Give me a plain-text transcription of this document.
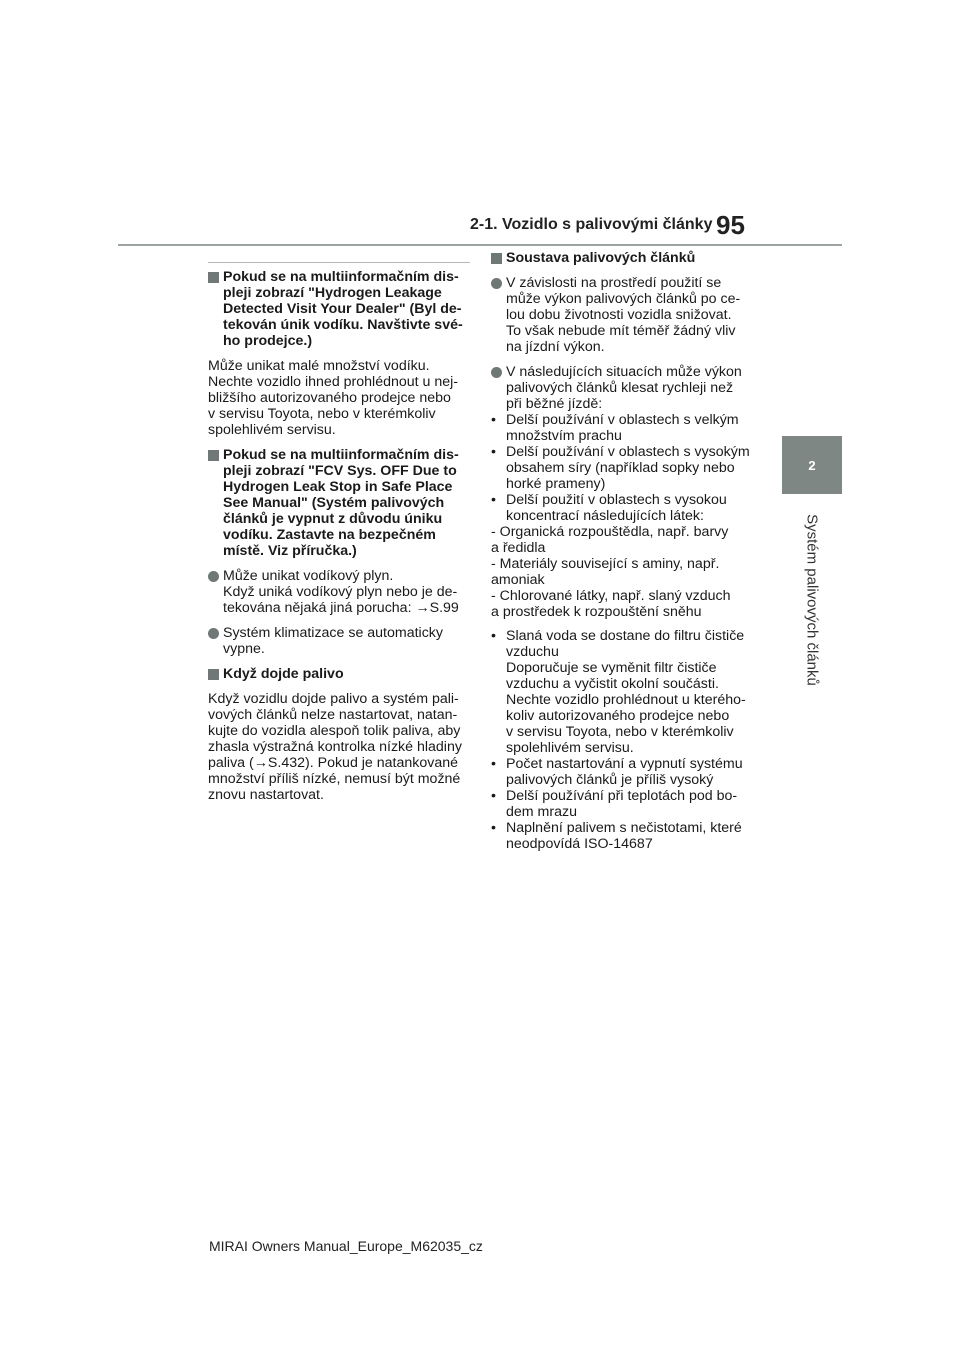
2-1. Vozidlo s palivovými články 95
2
Systém palivových článků
Pokud se na multiinformačním dis-
pleji zobrazí "Hydrogen Leakage
Detected Visit Your Dealer" (Byl de-
tekován únik vodíku. Navštivte své-
ho prodejce.)
Může unikat malé množství vodíku.
Nechte vozidlo ihned prohlédnout u nej-
bližšího autorizovaného prodejce nebo
v servisu Toyota, nebo v kterémkoliv
spolehlivém servisu.
Pokud se na multiinformačním dis-
pleji zobrazí "FCV Sys. OFF Due to
Hydrogen Leak Stop in Safe Place
See Manual" (Systém palivových
článků je vypnut z důvodu úniku
vodíku. Zastavte na bezpečném
místě. Viz příručka.)
Může unikat vodíkový plyn.
Když uniká vodíkový plyn nebo je de-
tekována nějaká jiná porucha: →S.99
Systém klimatizace se automaticky
vypne.
Když dojde palivo
Když vozidlu dojde palivo a systém pali-
vových článků nelze nastartovat, natan-
kujte do vozidla alespoň tolik paliva, aby
zhasla výstražná kontrolka nízké hladiny
paliva (→S.432). Pokud je natankované
množství příliš nízké, nemusí být možné
znovu nastartovat.
Soustava palivových článků
V závislosti na prostředí použití se
může výkon palivových článků po ce-
lou dobu životnosti vozidla snižovat.
To však nebude mít téměř žádný vliv
na jízdní výkon.
V následujících situacích může výkon
palivových článků klesat rychleji než
při běžné jízdě:
• Delší používání v oblastech s velkým
množstvím prachu
• Delší používání v oblastech s vysokým
obsahem síry (například sopky nebo
horké prameny)
• Delší použití v oblastech s vysokou
koncentrací následujících látek:
- Organická rozpouštědla, např. barvy
a ředidla
- Materiály související s aminy, např.
amoniak
- Chlorované látky, např. slaný vzduch
a prostředek k rozpouštění sněhu
• Slaná voda se dostane do filtru čističe
vzduchu
Doporučuje se vyměnit filtr čističe
vzduchu a vyčistit okolní součásti.
Nechte vozidlo prohlédnout u kterého-
koliv autorizovaného prodejce nebo
v servisu Toyota, nebo v kterémkoliv
spolehlivém servisu.
• Počet nastartování a vypnutí systému
palivových článků je příliš vysoký
• Delší používání při teplotách pod bo-
dem mrazu
• Naplnění palivem s nečistotami, které
neodpovídá ISO-14687
MIRAI Owners Manual_Europe_M62035_cz
